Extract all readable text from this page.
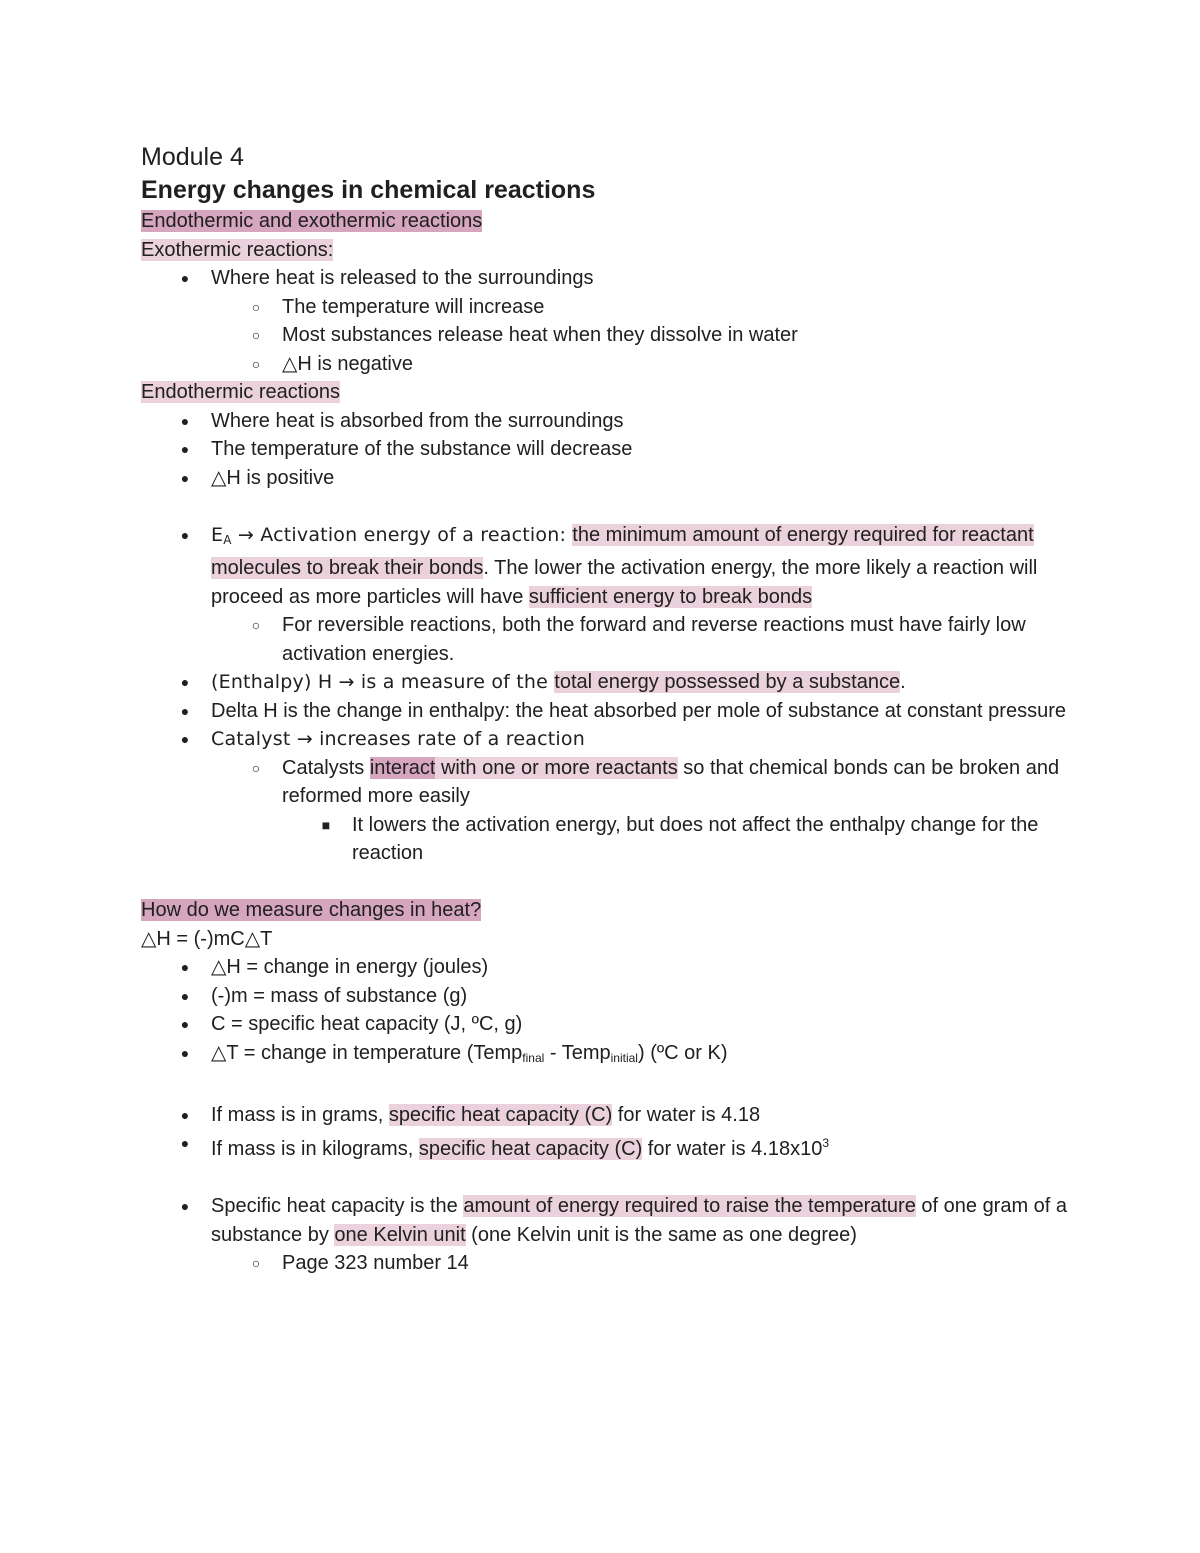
Module 4

Energy changes in chemical reactions

Endothermic and exothermic reactions

Exothermic reactions:

● Where heat is released to the surroundings
○ The temperature will increase
○ Most substances release heat when they dissolve in water
○ △H is negative

Endothermic reactions

● Where heat is absorbed from the surroundings
● The temperature of the substance will decrease
● △H is positive
●	$E_A$ → Activation energy of a reaction: the minimum amount of energy required for reactant molecules to break their bonds. The lower the activation energy, the more likely a reaction will proceed as more particles will have sufficient energy to break bonds
○ For reversible reactions, both the forward and reverse reactions must have fairly low activation energies.
●	(Enthalpy) H → is a measure of the total energy possessed by a substance.
● Delta H is the change in enthalpy: the heat absorbed per mole of substance at constant pressure
●	Catalyst → increases rate of a reaction
○ Catalysts interact with one or more reactants so that chemical bonds can be broken and reformed more easily
■ It lowers the activation energy, but does not affect the enthalpy change for the reaction

How do we measure changes in heat?

△H = (-)mC△T

● △H = change in energy (joules)
● (-)m = mass of substance (g)
● C = specific heat capacity (J, ºC, g)
● △T = change in temperature (Temp$_{final}$ - Temp$_{initial}$) (ºC or K)
● If mass is in grams, specific heat capacity (C) for water is 4.18
● If mass is in kilograms, specific heat capacity (C) for water is $4.18x10^3$
● Specific heat capacity is the amount of energy required to raise the temperature of one gram of a substance by one Kelvin unit (one Kelvin unit is the same as one degree)
○ Page 323 number 14
